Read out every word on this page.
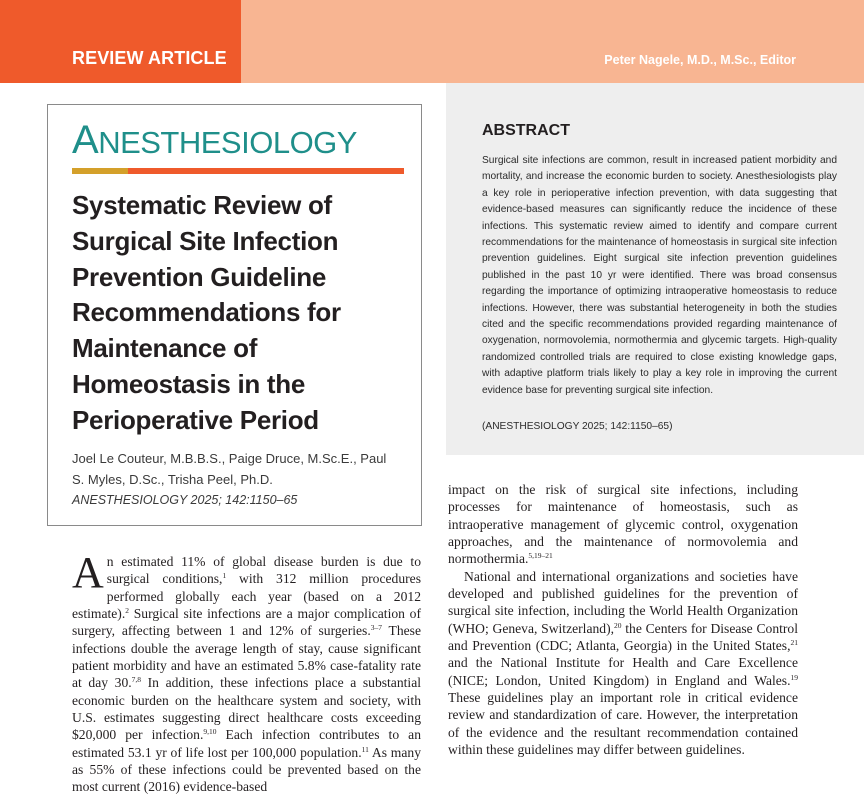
REVIEW ARTICLE	Peter Nagele, M.D., M.Sc., Editor
ANESTHESIOLOGY
Systematic Review of Surgical Site Infection Prevention Guideline Recommendations for Maintenance of Homeostasis in the Perioperative Period
Joel Le Couteur, M.B.B.S., Paige Druce, M.Sc.E., Paul S. Myles, D.Sc., Trisha Peel, Ph.D.
ANESTHESIOLOGY 2025; 142:1150–65
ABSTRACT
Surgical site infections are common, result in increased patient morbidity and mortality, and increase the economic burden to society. Anesthesiologists play a key role in perioperative infection prevention, with data suggesting that evidence-based measures can significantly reduce the incidence of these infections. This systematic review aimed to identify and compare current recommendations for the maintenance of homeostasis in surgical site infection prevention guidelines. Eight surgical site infection prevention guidelines published in the past 10 yr were identified. There was broad consensus regarding the importance of optimizing intraoperative homeostasis to reduce infections. However, there was substantial heterogeneity in both the studies cited and the specific recommendations provided regarding maintenance of oxygenation, normovolemia, normothermia and glycemic targets. High-quality randomized controlled trials are required to close existing knowledge gaps, with adaptive platform trials likely to play a key role in improving the current evidence base for preventing surgical site infection.
(ANESTHESIOLOGY 2025; 142:1150–65)

An estimated 11% of global disease burden is due to surgical conditions,$^1$ with 312 million procedures performed globally each year (based on a 2012 estimate).$^2$ Surgical site infections are a major complication of surgery, affecting between 1 and 12% of surgeries.$^{3-7}$ These infections double the average length of stay, cause significant patient morbidity and have an estimated 5.8% case-fatality rate at day 30.$^{7,8}$ In addition, these infections place a substantial economic burden on the healthcare system and society, with U.S. estimates suggesting direct healthcare costs exceeding $20,000 per infection.$^{9,10}$ Each infection contributes to an estimated 53.1 yr of life lost per 100,000 population.$^{11}$ As many as 55% of these infections could be prevented based on the most current (2016) evidence-based

impact on the risk of surgical site infections, including processes for maintenance of homeostasis, such as intraoperative management of glycemic control, oxygenation approaches, and the maintenance of normovolemia and normothermia.$^{5,19-21}$

National and international organizations and societies have developed and published guidelines for the prevention of surgical site infection, including the World Health Organization (WHO; Geneva, Switzerland),$^{20}$ the Centers for Disease Control and Prevention (CDC; Atlanta, Georgia) in the United States,$^{21}$ and the National Institute for Health and Care Excellence (NICE; London, United Kingdom) in England and Wales.$^{19}$ These guidelines play an important role in critical evidence review and standardization of care. However, the interpretation of the evidence and the resultant recommendation contained within these guidelines may differ between guidelines.
